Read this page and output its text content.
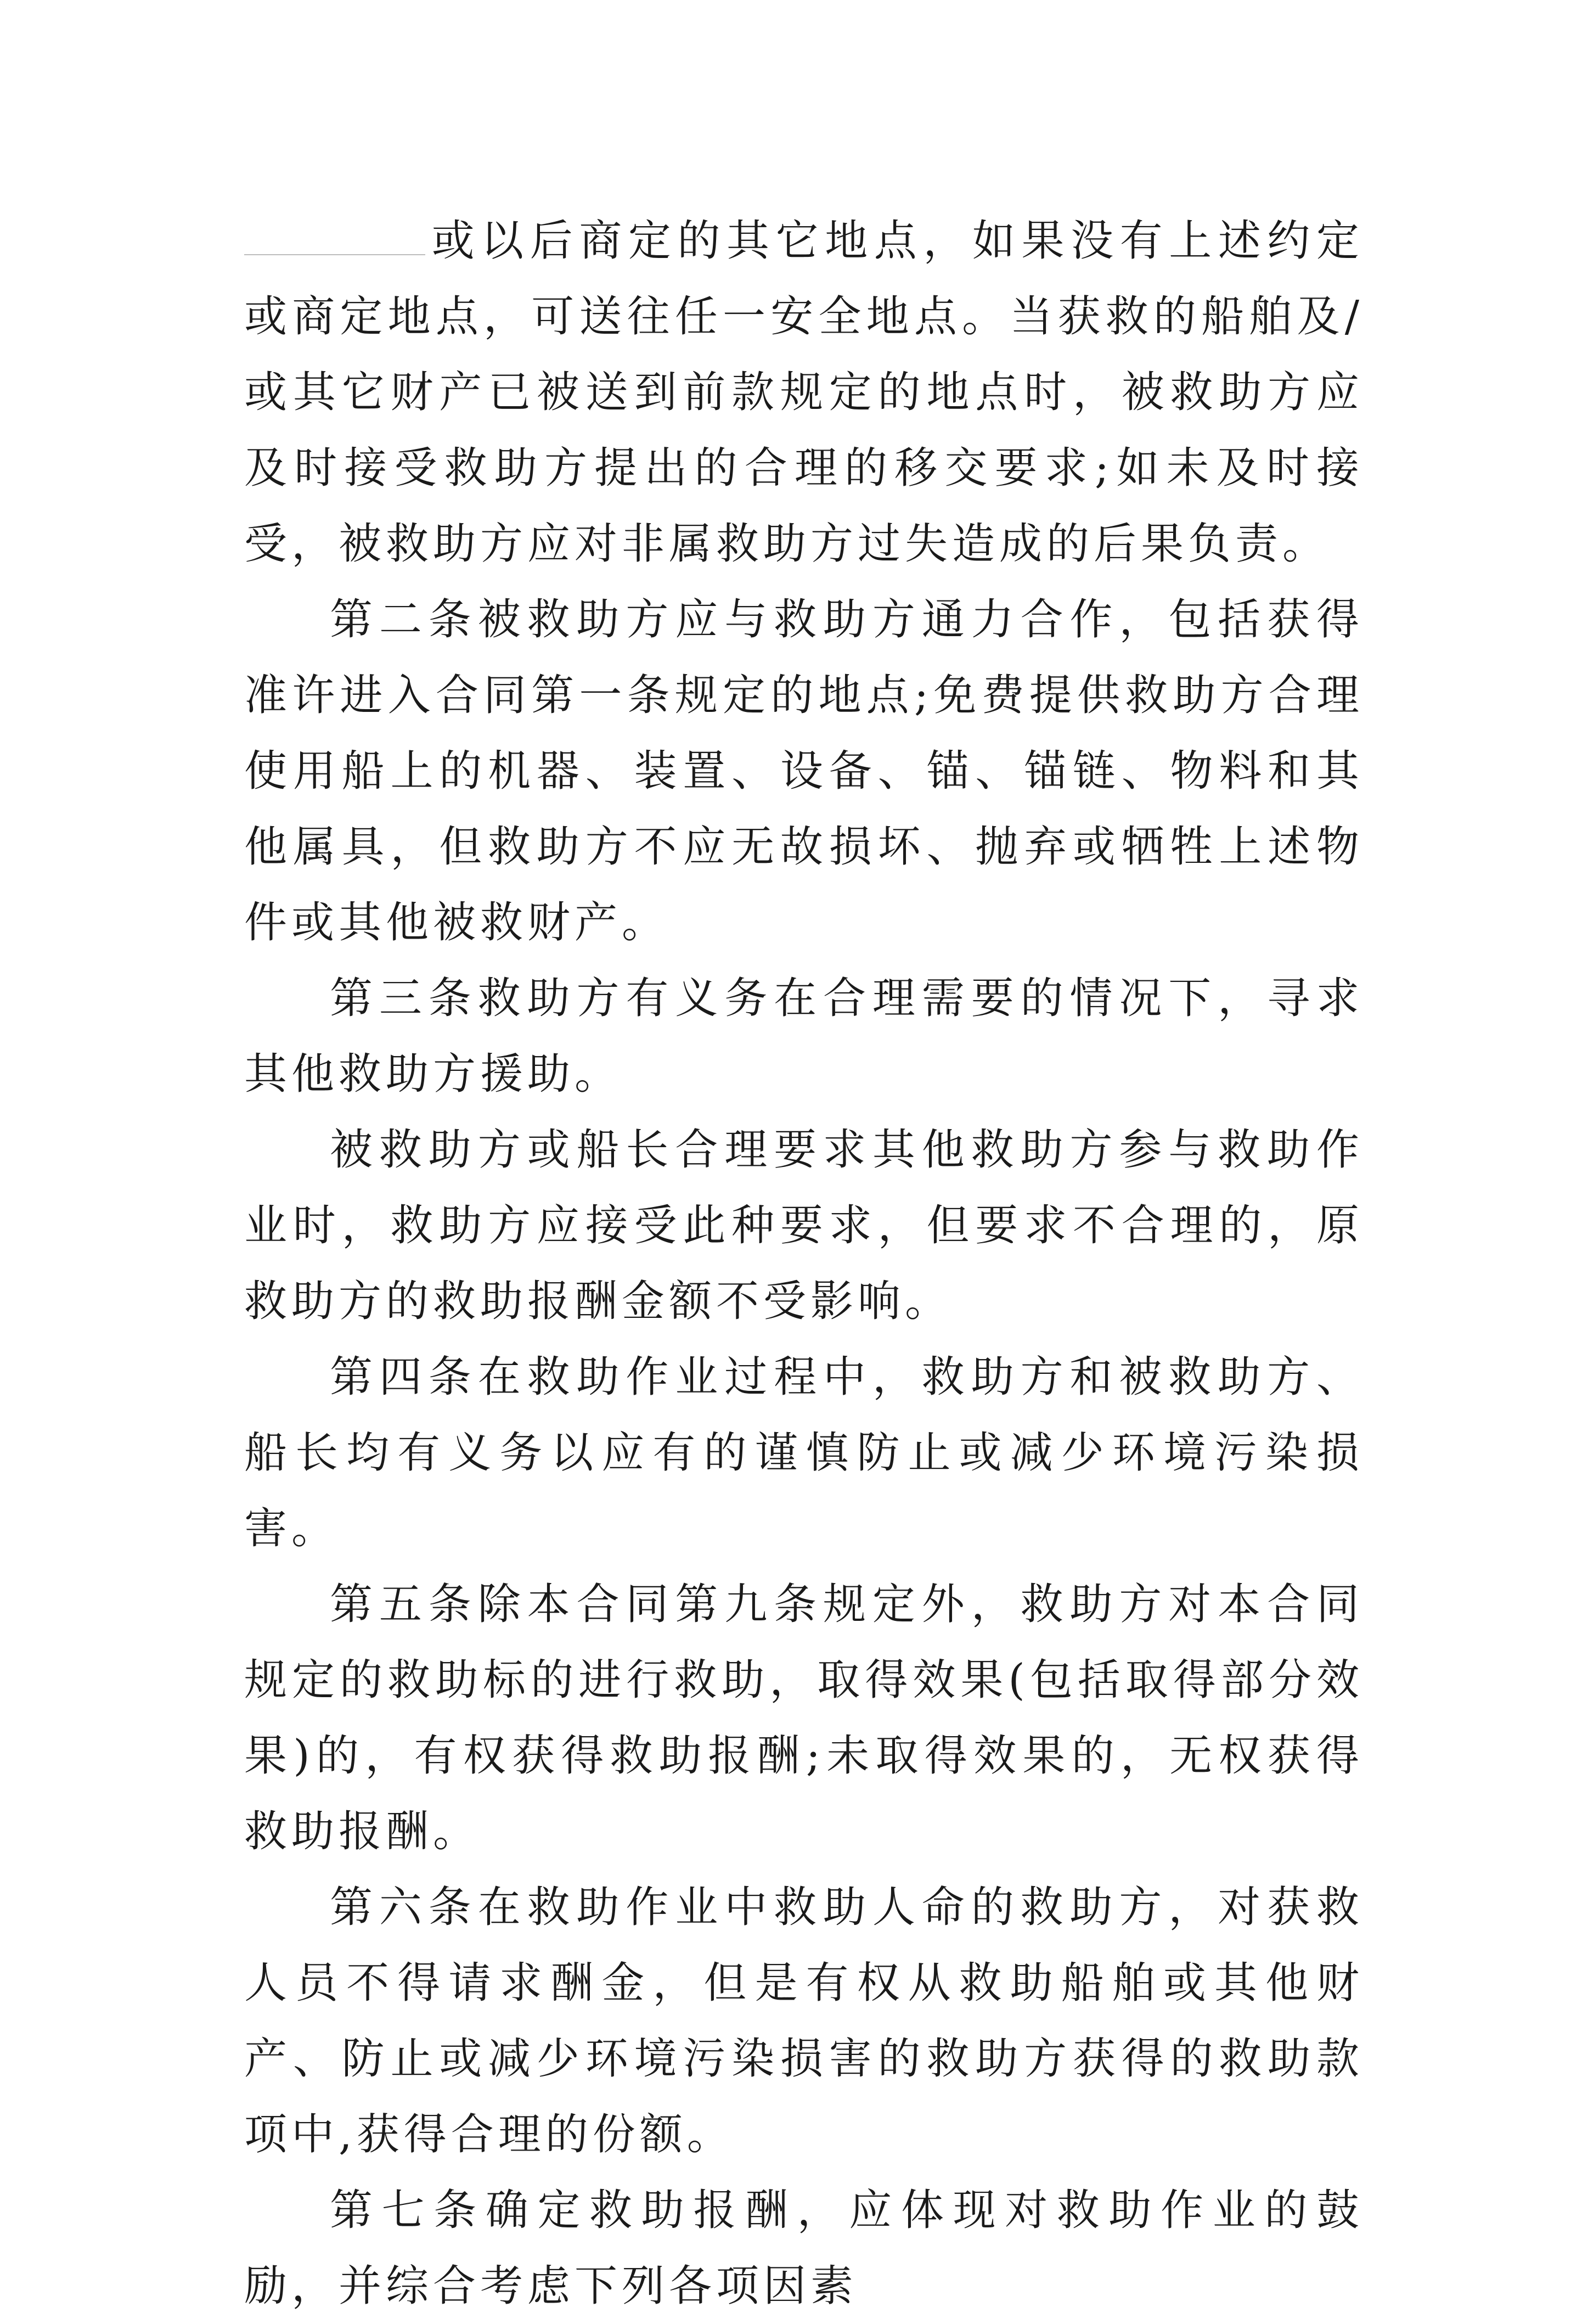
或以后商定的其它地点，如果没有上述约定或商定地点，可送往任一安全地点。当获救的船舶及/或其它财产已被送到前款规定的地点时，被救助方应及时接受救助方提出的合理的移交要求;如未及时接受，被救助方应对非属救助方过失造成的后果负责。

第二条被救助方应与救助方通力合作，包括获得准许进入合同第一条规定的地点;免费提供救助方合理使用船上的机器、装置、设备、锚、锚链、物料和其他属具，但救助方不应无故损坏、抛弃或牺牲上述物件或其他被救财产。

第三条救助方有义务在合理需要的情况下，寻求其他救助方援助。

被救助方或船长合理要求其他救助方参与救助作业时，救助方应接受此种要求，但要求不合理的，原救助方的救助报酬金额不受影响。

第四条在救助作业过程中，救助方和被救助方、船长均有义务以应有的谨慎防止或减少环境污染损害。

第五条除本合同第九条规定外，救助方对本合同规定的救助标的进行救助，取得效果(包括取得部分效果)的，有权获得救助报酬;未取得效果的，无权获得救助报酬。

第六条在救助作业中救助人命的救助方，对获救人员不得请求酬金，但是有权从救助船舶或其他财产、防止或减少环境污染损害的救助方获得的救助款项中,获得合理的份额。

第七条确定救助报酬，应体现对救助作业的鼓励，并综合考虑下列各项因素
